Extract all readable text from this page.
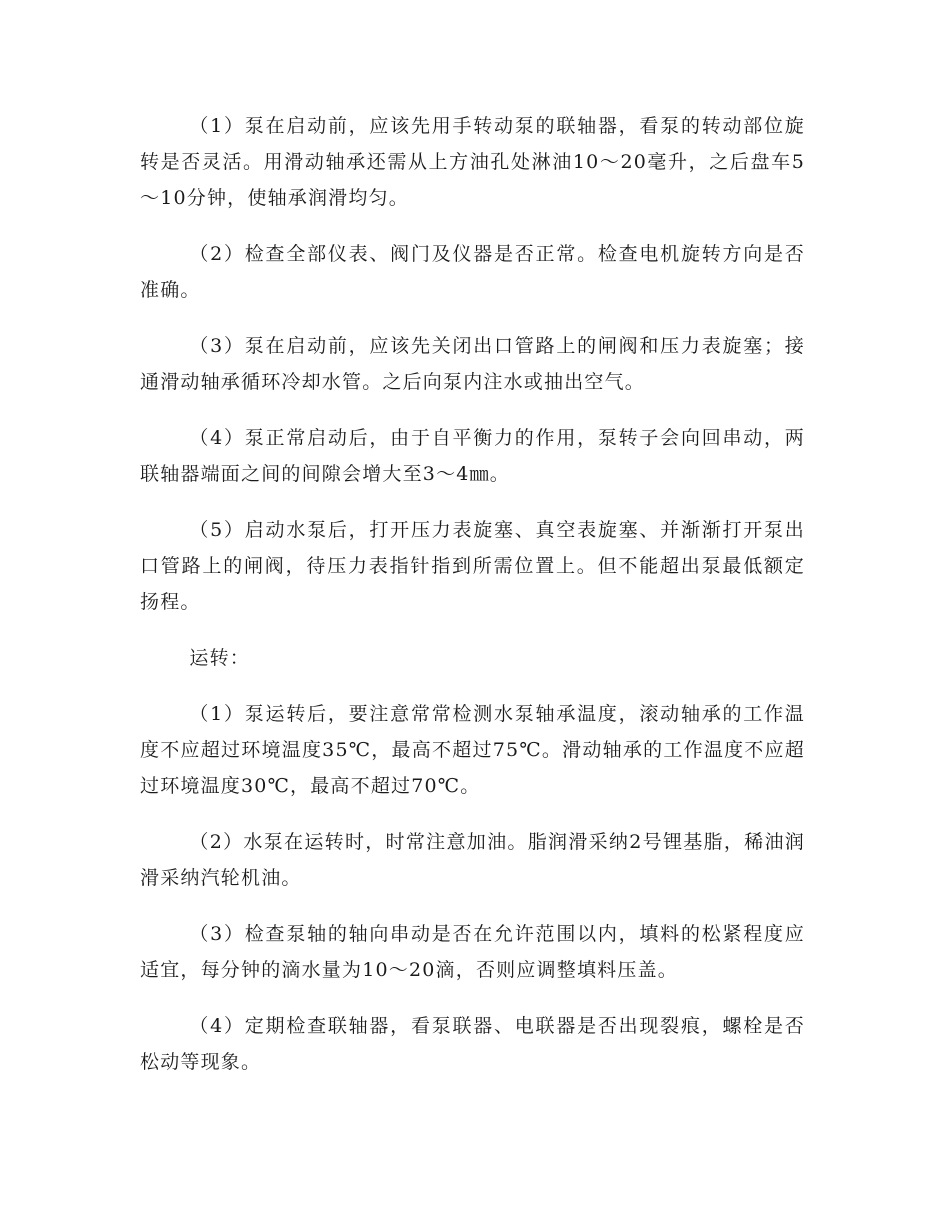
（1）泵在启动前，应该先用手转动泵的联轴器，看泵的转动部位旋转是否灵活。用滑动轴承还需从上方油孔处淋油10～20毫升，之后盘车5～10分钟，使轴承润滑均匀。

（2）检查全部仪表、阀门及仪器是否正常。检查电机旋转方向是否准确。

（3）泵在启动前，应该先关闭出口管路上的闸阀和压力表旋塞；接通滑动轴承循环冷却水管。之后向泵内注水或抽出空气。

（4）泵正常启动后，由于自平衡力的作用，泵转子会向回串动，两联轴器端面之间的间隙会增大至3～4㎜。

（5）启动水泵后，打开压力表旋塞、真空表旋塞、并渐渐打开泵出口管路上的闸阀，待压力表指针指到所需位置上。但不能超出泵最低额定扬程。

运转：

（1）泵运转后，要注意常常检测水泵轴承温度，滚动轴承的工作温度不应超过环境温度35℃，最高不超过75℃。滑动轴承的工作温度不应超过环境温度30℃，最高不超过70℃。

（2）水泵在运转时，时常注意加油。脂润滑采纳2号锂基脂，稀油润滑采纳汽轮机油。

（3）检查泵轴的轴向串动是否在允许范围以内，填料的松紧程度应适宜，每分钟的滴水量为10～20滴，否则应调整填料压盖。

（4）定期检查联轴器，看泵联器、电联器是否出现裂痕，螺栓是否松动等现象。
